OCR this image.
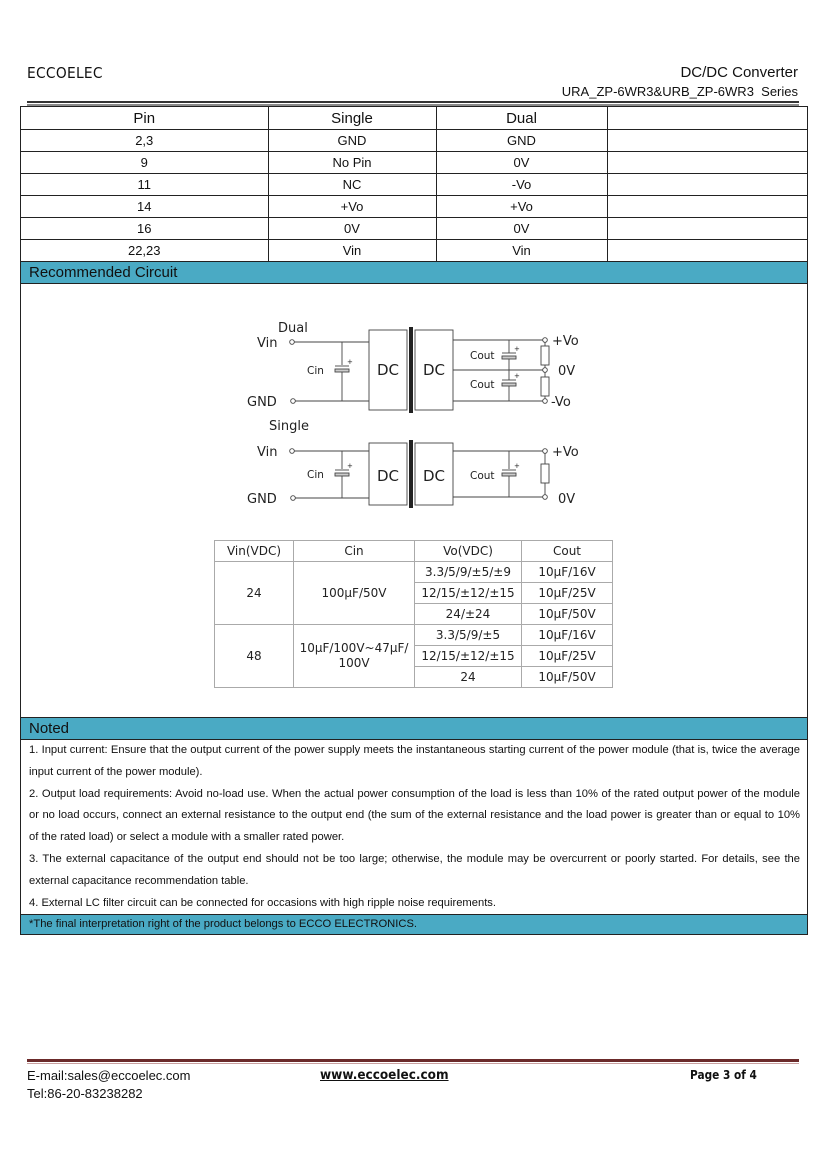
ECCOELEC	DC/DC Converter
URA_ZP-6WR3&URB_ZP-6WR3  Series
Pin	Single	Dual	
2,3	GND	GND	
9	No Pin	0V	
11	NC	-Vo	
14	+Vo	+Vo	
16	0V	0V	
22,23	Vin	Vin	
Recommended Circuit
+
+
+
+	+
Dual
Vin
GND
DC DC
+Vo
0V
-Vo
Single
Vin
GND
DC DC
+Vo
0V
Cin
Cout
Cout
Cin	Cout
Vin(VDC)	Cin	Vo(VDC)	Cout
24	100μF/50V	3.3/5/9/±5/±9	10μF/16V
		12/15/±12/±15	10μF/25V
		24/±24	10μF/50V
48	10μF/100V~47μF/ 100V	3.3/5/9/±5	10μF/16V
		12/15/±12/±15	10μF/25V
		24	10μF/50V
Noted

1. Input current: Ensure that the output current of the power supply meets the instantaneous starting current of the power module (that is, twice the average input current of the power module).

2. Output load requirements: Avoid no-load use. When the actual power consumption of the load is less than 10% of the rated output power of the module or no load occurs, connect an external resistance to the output end (the sum of the external resistance and the load power is greater than or equal to 10% of the rated load) or select a module with a smaller rated power.

3. The external capacitance of the output end should not be too large; otherwise, the module may be overcurrent or poorly started. For details, see the external capacitance recommendation table.

4. External LC filter circuit can be connected for occasions with high ripple noise requirements.

*The final interpretation right of the product belongs to ECCO ELECTRONICS.
E-mail:sales@eccoelec.com
Tel:86-20-83238282
www.eccoelec.com	Page 3 of 4
